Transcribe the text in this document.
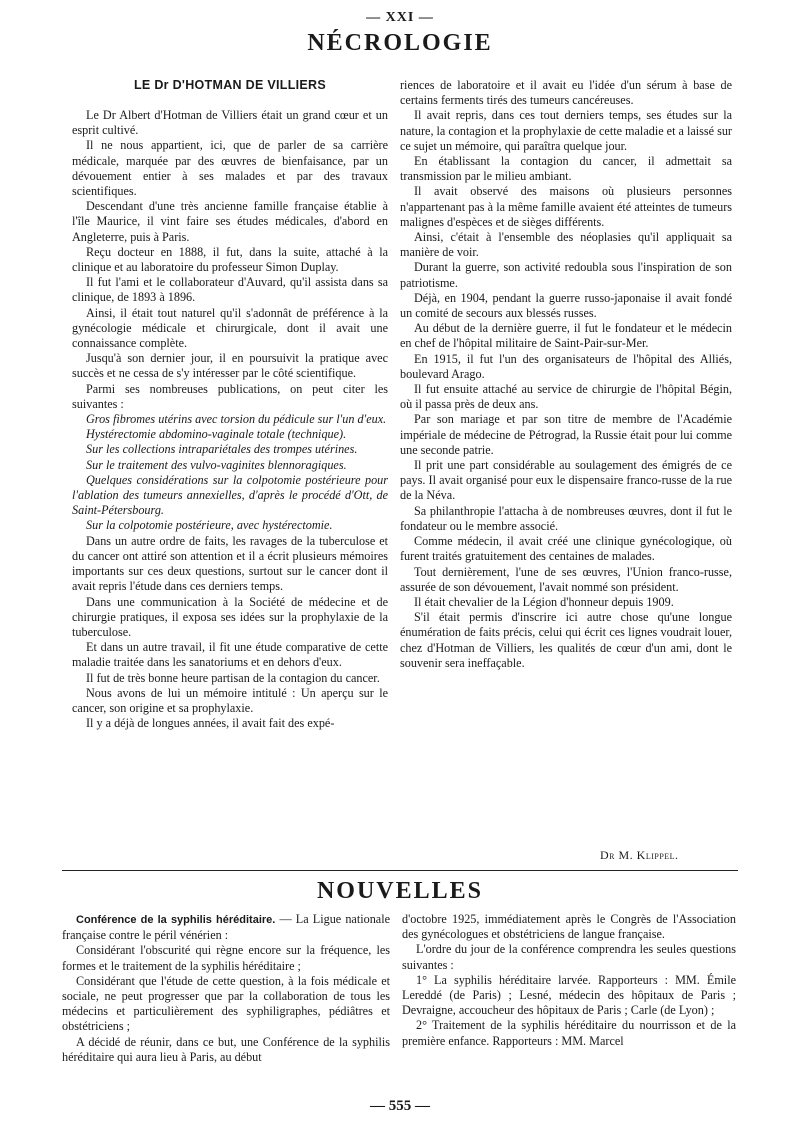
— XXI —
NÉCROLOGIE
LE Dr D'HOTMAN DE VILLIERS

Le Dr Albert d'Hotman de Villiers était un grand cœur et un esprit cultivé.

Il ne nous appartient, ici, que de parler de sa carrière médicale, marquée par des œuvres de bienfaisance, par un dévouement entier à ses malades et par des travaux scientifiques.

Descendant d'une très ancienne famille française établie à l'île Maurice, il vint faire ses études médicales, d'abord en Angleterre, puis à Paris.

Reçu docteur en 1888, il fut, dans la suite, attaché à la clinique et au laboratoire du professeur Simon Duplay.

Il fut l'ami et le collaborateur d'Auvard, qu'il assista dans sa clinique, de 1893 à 1896.

Ainsi, il était tout naturel qu'il s'adonnât de préférence à la gynécologie médicale et chirurgicale, dont il avait une connaissance complète.

Jusqu'à son dernier jour, il en poursuivit la pratique avec succès et ne cessa de s'y intéresser par le côté scientifique.

Parmi ses nombreuses publications, on peut citer les suivantes :

Gros fibromes utérins avec torsion du pédicule sur l'un d'eux.

Hystérectomie abdomino-vaginale totale (technique).

Sur les collections intrapariétales des trompes utérines.

Sur le traitement des vulvo-vaginites blennoragiques.

Quelques considérations sur la colpotomie postérieure pour l'ablation des tumeurs annexielles, d'après le procédé d'Ott, de Saint-Pétersbourg.

Sur la colpotomie postérieure, avec hystérectomie.

Dans un autre ordre de faits, les ravages de la tuberculose et du cancer ont attiré son attention et il a écrit plusieurs mémoires importants sur ces deux questions, surtout sur le cancer dont il avait repris l'étude dans ces derniers temps.

Dans une communication à la Société de médecine et de chirurgie pratiques, il exposa ses idées sur la prophylaxie de la tuberculose.

Et dans un autre travail, il fit une étude comparative de cette maladie traitée dans les sanatoriums et en dehors d'eux.

Il fut de très bonne heure partisan de la contagion du cancer.

Nous avons de lui un mémoire intitulé : Un aperçu sur le cancer, son origine et sa prophylaxie.

Il y a déjà de longues années, il avait fait des expé-

riences de laboratoire et il avait eu l'idée d'un sérum à base de certains ferments tirés des tumeurs cancéreuses.

Il avait repris, dans ces tout derniers temps, ses études sur la nature, la contagion et la prophylaxie de cette maladie et a laissé sur ce sujet un mémoire, qui paraîtra quelque jour.

En établissant la contagion du cancer, il admettait sa transmission par le milieu ambiant.

Il avait observé des maisons où plusieurs personnes n'appartenant pas à la même famille avaient été atteintes de tumeurs malignes d'espèces et de sièges différents.

Ainsi, c'était à l'ensemble des néoplasies qu'il appliquait sa manière de voir.

Durant la guerre, son activité redoubla sous l'inspiration de son patriotisme.

Déjà, en 1904, pendant la guerre russo-japonaise il avait fondé un comité de secours aux blessés russes.

Au début de la dernière guerre, il fut le fondateur et le médecin en chef de l'hôpital militaire de Saint-Pair-sur-Mer.

En 1915, il fut l'un des organisateurs de l'hôpital des Alliés, boulevard Arago.

Il fut ensuite attaché au service de chirurgie de l'hôpital Bégin, où il passa près de deux ans.

Par son mariage et par son titre de membre de l'Académie impériale de médecine de Pétrograd, la Russie était pour lui comme une seconde patrie.

Il prit une part considérable au soulagement des émigrés de ce pays. Il avait organisé pour eux le dispensaire franco-russe de la rue de la Néva.

Sa philanthropie l'attacha à de nombreuses œuvres, dont il fut le fondateur ou le membre associé.

Comme médecin, il avait créé une clinique gynécologique, où furent traités gratuitement des centaines de malades.

Tout dernièrement, l'une de ses œuvres, l'Union franco-russe, assurée de son dévouement, l'avait nommé son président.

Il était chevalier de la Légion d'honneur depuis 1909.

S'il était permis d'inscrire ici autre chose qu'une longue énumération de faits précis, celui qui écrit ces lignes voudrait louer, chez d'Hotman de Villiers, les qualités de cœur d'un ami, dont le souvenir sera ineffaçable.

Dr M. Klippel.
NOUVELLES

Conférence de la syphilis héréditaire. — La Ligue nationale française contre le péril vénérien :

Considérant l'obscurité qui règne encore sur la fréquence, les formes et le traitement de la syphilis héréditaire ;

Considérant que l'étude de cette question, à la fois médicale et sociale, ne peut progresser que par la collaboration de tous les médecins et particulièrement des syphiligraphes, pédiâtres et obstétriciens ;

A décidé de réunir, dans ce but, une Conférence de la syphilis héréditaire qui aura lieu à Paris, au début

d'octobre 1925, immédiatement après le Congrès de l'Association des gynécologues et obstétriciens de langue française.

L'ordre du jour de la conférence comprendra les seules questions suivantes :

1° La syphilis héréditaire larvée. Rapporteurs : MM. Émile Lereddé (de Paris) ; Lesné, médecin des hôpitaux de Paris ; Devraigne, accoucheur des hôpitaux de Paris ; Carle (de Lyon) ;

2° Traitement de la syphilis héréditaire du nourrisson et de la première enfance. Rapporteurs : MM. Marcel

— 555 —
